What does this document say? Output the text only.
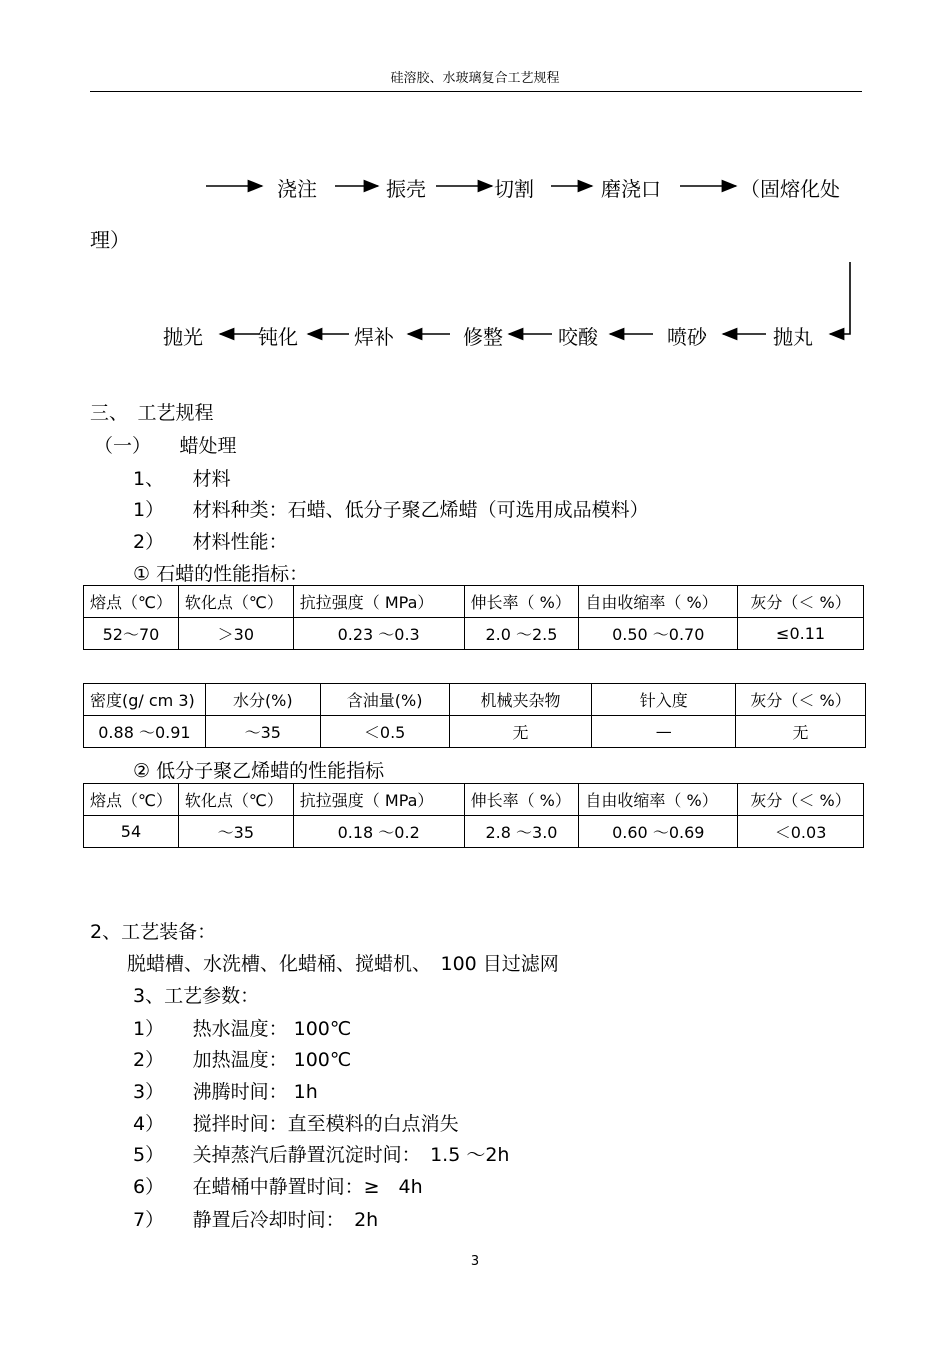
硅溶胶、水玻璃复合工艺规程
浇注	振壳	切割	磨浇口	（固熔化处
理）
抛光	钝化	焊补	修整	咬酸	喷砂	抛丸
三、　工艺规程
（一）　　蜡处理
1、　　材料
1）　　材料种类：石蜡、低分子聚乙烯蜡（可选用成品模料）
2）　　材料性能：
① 石蜡的性能指标：
熔点（℃）	软化点（℃）	抗拉强度（ MPa）	伸长率（ %）	自由收缩率（ %）	灰分（＜ %）
52～70	＞30	0.23 ～0.3	2.0 ～2.5	0.50 ～0.70	≤0.11
密度(g/ cm 3)	水分(%)	含油量(%)	机械夹杂物	针入度	灰分（＜ %）
0.88 ～0.91	～35	＜0.5	无	—	无
② 低分子聚乙烯蜡的性能指标
熔点（℃）	软化点（℃）	抗拉强度（ MPa）	伸长率（ %）	自由收缩率（ %）	灰分（＜ %）
54	～35	0.18 ～0.2	2.8 ～3.0	0.60 ～0.69	＜0.03
2、工艺装备：
脱蜡槽、水洗槽、化蜡桶、搅蜡机、　100 目过滤网
3、工艺参数：
1）　　热水温度： 100℃
2）　　加热温度： 100℃
3）　　沸腾时间： 1h
4）　　搅拌时间：直至模料的白点消失
5）　　关掉蒸汽后静置沉淀时间：　1.5 ～2h
6）　　在蜡桶中静置时间：≥　4h
7）　　静置后冷却时间：　2h
3
